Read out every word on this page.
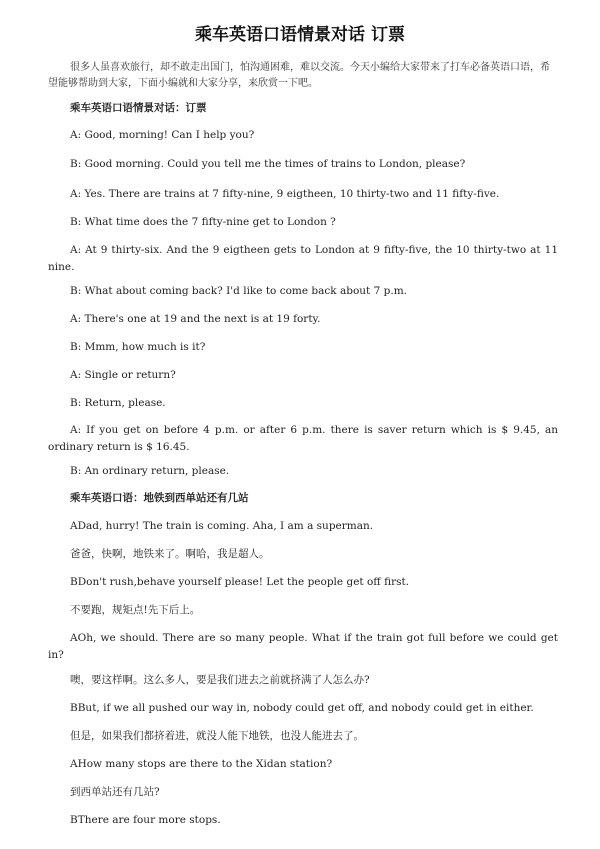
乘车英语口语情景对话 订票
很多人虽喜欢旅行，却不敢走出国门，怕沟通困难，难以交流。今天小编给大家带来了打车必备英语口语，希望能够帮助到大家，下面小编就和大家分享，来欣赏一下吧。
乘车英语口语情景对话：订票
A: Good, morning! Can I help you?
B: Good morning. Could you tell me the times of trains to London, please?
A: Yes. There are trains at 7 fifty-nine, 9 eigtheen, 10 thirty-two and 11 fifty-five.
B: What time does the 7 fifty-nine get to London ?
A: At 9 thirty-six. And the 9 eigtheen gets to London at 9 fifty-five, the 10 thirty-two at 11 nine.
B: What about coming back? I'd like to come back about 7 p.m.
A: There's one at 19 and the next is at 19 forty.
B: Mmm, how much is it?
A: Single or return?
B: Return, please.
A: If you get on before 4 p.m. or after 6 p.m. there is saver return which is $ 9.45, an ordinary return is $ 16.45.
B: An ordinary return, please.
乘车英语口语：地铁到西单站还有几站
ADad, hurry! The train is coming. Aha, I am a superman.
爸爸，快啊，地铁来了。啊哈，我是超人。
BDon't rush,behave yourself please! Let the people get off first.
不要跑，规矩点!先下后上。
AOh, we should. There are so many people. What if the train got full before we could get in?
噢，要这样啊。这么多人，要是我们进去之前就挤满了人怎么办?
BBut, if we all pushed our way in, nobody could get off, and nobody could get in either.
但是，如果我们都挤着进，就没人能下地铁，也没人能进去了。
AHow many stops are there to the Xidan station?
到西单站还有几站?
BThere are four more stops.
